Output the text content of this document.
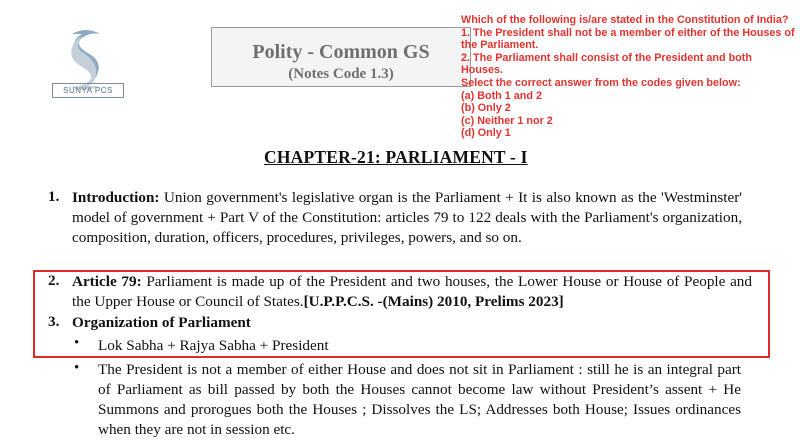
SUNYA PCS
Polity - Common GS
(Notes Code 1.3)
Which of the following is/are stated in the Constitution of India?
1. The President shall not be a member of either of the Houses of the Parliament.
2. The Parliament shall consist of the President and both Houses.
Select the correct answer from the codes given below:
(a) Both 1 and 2
(b) Only 2
(c) Neither 1 nor 2
(d) Only 1
CHAPTER-21: PARLIAMENT - I
1. Introduction: Union government's legislative organ is the Parliament + It is also known as the 'Westminster' model of government + Part V of the Constitution: articles 79 to 122 deals with the Parliament's organization, composition, duration, officers, procedures, privileges, powers, and so on.
2. Article 79: Parliament is made up of the President and two houses, the Lower House or House of People and the Upper House or Council of States.[U.P.P.C.S. -(Mains) 2010, Prelims 2023]
3. Organization of Parliament
• Lok Sabha + Rajya Sabha + President
• The President is not a member of either House and does not sit in Parliament : still he is an integral part of Parliament as bill passed by both the Houses cannot become law without President’s assent + He Summons and prorogues both the Houses ; Dissolves the LS; Addresses both House; Issues ordinances when they are not in session etc.
